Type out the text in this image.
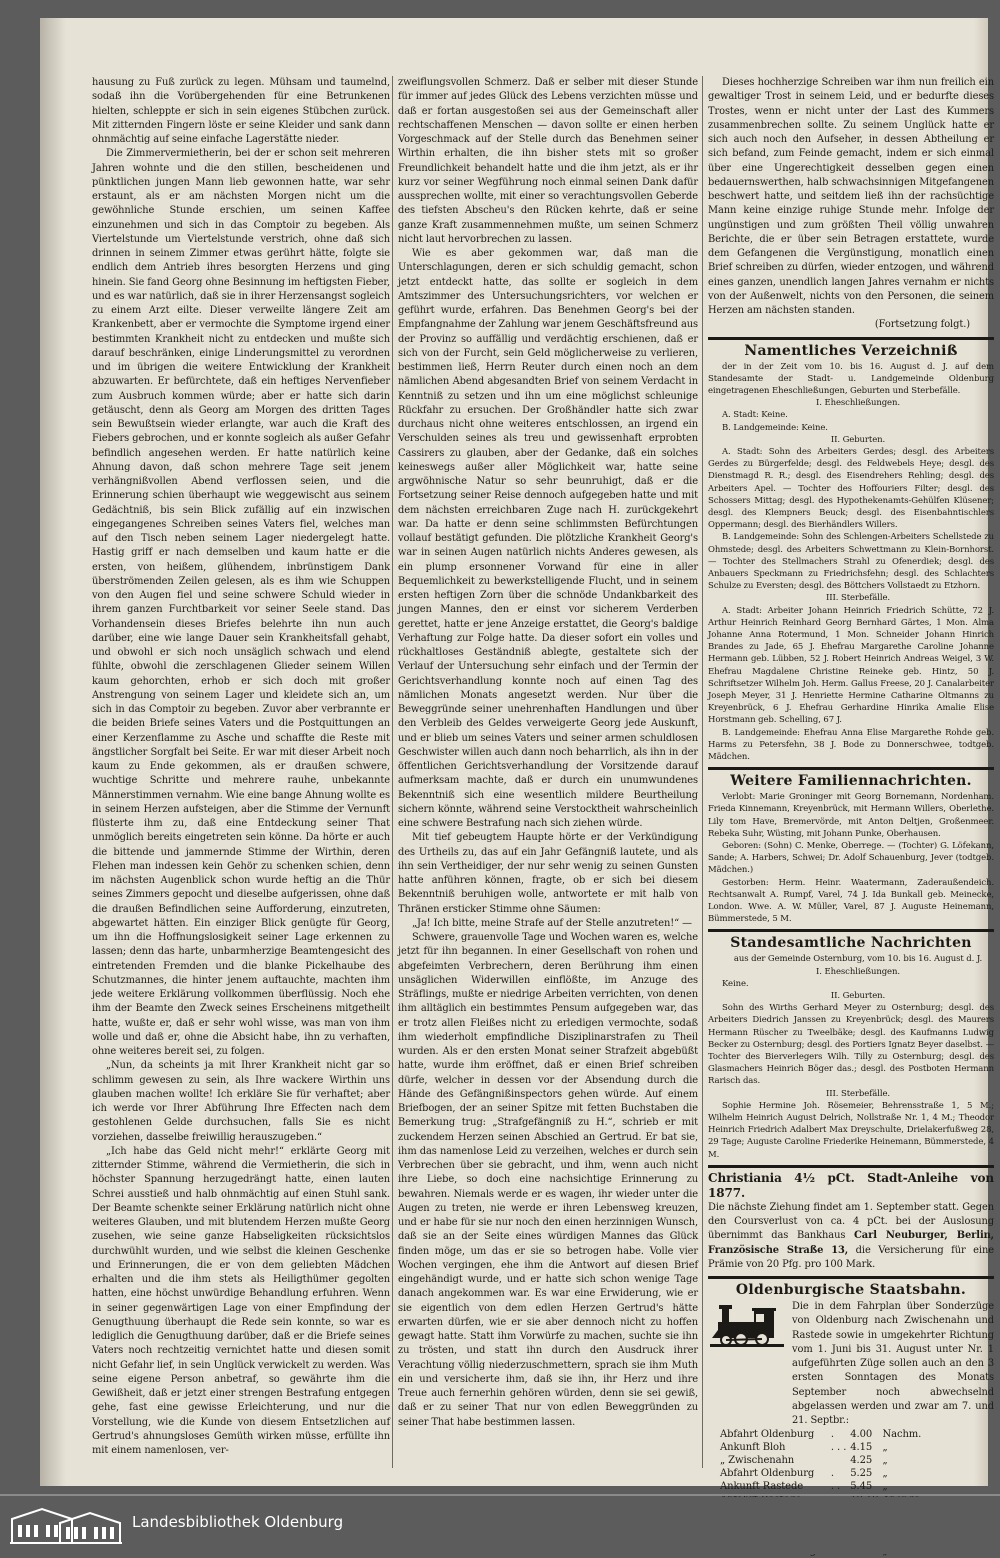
hausung zu Fuß zurück zu legen. Mühsam und taumelnd, sodaß ihn die Vorübergehenden für eine Betrunkenen hielten, schleppte er sich in sein eigenes Stübchen zurück. Mit zitternden Fingern löste er seine Kleider und sank dann ohnmächtig auf seine einfache Lagerstätte nieder.

Die Zimmervermietherin, bei der er schon seit mehreren Jahren wohnte und die den stillen, bescheidenen und pünktlichen jungen Mann lieb gewonnen hatte, war sehr erstaunt, als er am nächsten Morgen nicht um die gewöhnliche Stunde erschien, um seinen Kaffee einzunehmen und sich in das Comptoir zu begeben. Als Viertelstunde um Viertelstunde verstrich, ohne daß sich drinnen in seinem Zimmer etwas gerührt hätte, folgte sie endlich dem Antrieb ihres besorgten Herzens und ging hinein. Sie fand Georg ohne Besinnung im heftigsten Fieber, und es war natürlich, daß sie in ihrer Herzensangst sogleich zu einem Arzt eilte. Dieser verweilte längere Zeit am Krankenbett, aber er vermochte die Symptome irgend einer bestimmten Krankheit nicht zu entdecken und mußte sich darauf beschränken, einige Linderungsmittel zu verordnen und im übrigen die weitere Entwicklung der Krankheit abzuwarten. Er befürchtete, daß ein heftiges Nervenfieber zum Ausbruch kommen würde; aber er hatte sich darin getäuscht, denn als Georg am Morgen des dritten Tages sein Bewußtsein wieder erlangte, war auch die Kraft des Fiebers gebrochen, und er konnte sogleich als außer Gefahr befindlich angesehen werden. Er hatte natürlich keine Ahnung davon, daß schon mehrere Tage seit jenem verhängnißvollen Abend verflossen seien, und die Erinnerung schien überhaupt wie weggewischt aus seinem Gedächtniß, bis sein Blick zufällig auf ein inzwischen eingegangenes Schreiben seines Vaters fiel, welches man auf den Tisch neben seinem Lager niedergelegt hatte. Hastig griff er nach demselben und kaum hatte er die ersten, von heißem, glühendem, inbrünstigem Dank überströmenden Zeilen gelesen, als es ihm wie Schuppen von den Augen fiel und seine schwere Schuld wieder in ihrem ganzen Furchtbarkeit vor seiner Seele stand. Das Vorhandensein dieses Briefes belehrte ihn nun auch darüber, eine wie lange Dauer sein Krankheitsfall gehabt, und obwohl er sich noch unsäglich schwach und elend fühlte, obwohl die zerschlagenen Glieder seinem Willen kaum gehorchten, erhob er sich doch mit großer Anstrengung von seinem Lager und kleidete sich an, um sich in das Comptoir zu begeben. Zuvor aber verbrannte er die beiden Briefe seines Vaters und die Postquittungen an einer Kerzenflamme zu Asche und schaffte die Reste mit ängstlicher Sorgfalt bei Seite. Er war mit dieser Arbeit noch kaum zu Ende gekommen, als er draußen schwere, wuchtige Schritte und mehrere rauhe, unbekannte Männerstimmen vernahm. Wie eine bange Ahnung wollte es in seinem Herzen aufsteigen, aber die Stimme der Vernunft flüsterte ihm zu, daß eine Entdeckung seiner That unmöglich bereits eingetreten sein könne. Da hörte er auch die bittende und jammernde Stimme der Wirthin, deren Flehen man indessen kein Gehör zu schenken schien, denn im nächsten Augenblick schon wurde heftig an die Thür seines Zimmers gepocht und dieselbe aufgerissen, ohne daß die draußen Befindlichen seine Aufforderung, einzutreten, abgewartet hätten. Ein einziger Blick genügte für Georg, um ihn die Hoffnungslosigkeit seiner Lage erkennen zu lassen; denn das harte, unbarmherzige Beamtengesicht des eintretenden Fremden und die blanke Pickelhaube des Schutzmannes, die hinter jenem auftauchte, machten ihm jede weitere Erklärung vollkommen überflüssig. Noch ehe ihm der Beamte den Zweck seines Erscheinens mitgetheilt hatte, wußte er, daß er sehr wohl wisse, was man von ihm wolle und daß er, ohne die Absicht habe, ihn zu verhaften, ohne weiteres bereit sei, zu folgen.

„Nun, da scheints ja mit Ihrer Krankheit nicht gar so schlimm gewesen zu sein, als Ihre wackere Wirthin uns glauben machen wollte! Ich erkläre Sie für verhaftet; aber ich werde vor Ihrer Abführung Ihre Effecten nach dem gestohlenen Gelde durchsuchen, falls Sie es nicht vorziehen, dasselbe freiwillig herauszugeben.“

„Ich habe das Geld nicht mehr!“ erklärte Georg mit zitternder Stimme, während die Vermietherin, die sich in höchster Spannung herzugedrängt hatte, einen lauten Schrei ausstieß und halb ohnmächtig auf einen Stuhl sank. Der Beamte schenkte seiner Erklärung natürlich nicht ohne weiteres Glauben, und mit blutendem Herzen mußte Georg zusehen, wie seine ganze Habseligkeiten rücksichtslos durchwühlt wurden, und wie selbst die kleinen Geschenke und Erinnerungen, die er von dem geliebten Mädchen erhalten und die ihm stets als Heiligthümer gegolten hatten, eine höchst unwürdige Behandlung erfuhren. Wenn in seiner gegenwärtigen Lage von einer Empfindung der Genugthuung überhaupt die Rede sein konnte, so war es lediglich die Genugthuung darüber, daß er die Briefe seines Vaters noch rechtzeitig vernichtet hatte und diesen somit nicht Gefahr lief, in sein Unglück verwickelt zu werden. Was seine eigene Person anbetraf, so gewährte ihm die Gewißheit, daß er jetzt einer strengen Bestrafung entgegen gehe, fast eine gewisse Erleichterung, und nur die Vorstellung, wie die Kunde von diesem Entsetzlichen auf Gertrud's ahnungsloses Gemüth wirken müsse, erfüllte ihn mit einem namenlosen, ver-

zweiflungsvollen Schmerz. Daß er selber mit dieser Stunde für immer auf jedes Glück des Lebens verzichten müsse und daß er fortan ausgestoßen sei aus der Gemeinschaft aller rechtschaffenen Menschen — davon sollte er einen herben Vorgeschmack auf der Stelle durch das Benehmen seiner Wirthin erhalten, die ihn bisher stets mit so großer Freundlichkeit behandelt hatte und die ihm jetzt, als er ihr kurz vor seiner Wegführung noch einmal seinen Dank dafür aussprechen wollte, mit einer so verachtungsvollen Geberde des tiefsten Abscheu's den Rücken kehrte, daß er seine ganze Kraft zusammennehmen mußte, um seinen Schmerz nicht laut hervorbrechen zu lassen.

Wie es aber gekommen war, daß man die Unterschlagungen, deren er sich schuldig gemacht, schon jetzt entdeckt hatte, das sollte er sogleich in dem Amtszimmer des Untersuchungsrichters, vor welchen er geführt wurde, erfahren. Das Benehmen Georg's bei der Empfangnahme der Zahlung war jenem Geschäftsfreund aus der Provinz so auffällig und verdächtig erschienen, daß er sich von der Furcht, sein Geld möglicherweise zu verlieren, bestimmen ließ, Herrn Reuter durch einen noch an dem nämlichen Abend abgesandten Brief von seinem Verdacht in Kenntniß zu setzen und ihn um eine möglichst schleunige Rückfahr zu ersuchen. Der Großhändler hatte sich zwar durchaus nicht ohne weiteres entschlossen, an irgend ein Verschulden seines als treu und gewissenhaft erprobten Cassirers zu glauben, aber der Gedanke, daß ein solches keineswegs außer aller Möglichkeit war, hatte seine argwöhnische Natur so sehr beunruhigt, daß er die Fortsetzung seiner Reise dennoch aufgegeben hatte und mit dem nächsten erreichbaren Zuge nach H. zurückgekehrt war. Da hatte er denn seine schlimmsten Befürchtungen vollauf bestätigt gefunden. Die plötzliche Krankheit Georg's war in seinen Augen natürlich nichts Anderes gewesen, als ein plump ersonnener Vorwand für eine in aller Bequemlichkeit zu bewerkstelligende Flucht, und in seinem ersten heftigen Zorn über die schnöde Undankbarkeit des jungen Mannes, den er einst vor sicherem Verderben gerettet, hatte er jene Anzeige erstattet, die Georg's baldige Verhaftung zur Folge hatte. Da dieser sofort ein volles und rückhaltloses Geständniß ablegte, gestaltete sich der Verlauf der Untersuchung sehr einfach und der Termin der Gerichtsverhandlung konnte noch auf einen Tag des nämlichen Monats angesetzt werden. Nur über die Beweggründe seiner unehrenhaften Handlungen und über den Verbleib des Geldes verweigerte Georg jede Auskunft, und er blieb um seines Vaters und seiner armen schuldlosen Geschwister willen auch dann noch beharrlich, als ihn in der öffentlichen Gerichtsverhandlung der Vorsitzende darauf aufmerksam machte, daß er durch ein unumwundenes Bekenntniß sich eine wesentlich mildere Beurtheilung sichern könnte, während seine Verstocktheit wahrscheinlich eine schwere Bestrafung nach sich ziehen würde.

Mit tief gebeugtem Haupte hörte er der Verkündigung des Urtheils zu, das auf ein Jahr Gefängniß lautete, und als ihn sein Vertheidiger, der nur sehr wenig zu seinen Gunsten hatte anführen können, fragte, ob er sich bei diesem Bekenntniß beruhigen wolle, antwortete er mit halb von Thränen ersticker Stimme ohne Säumen:

„Ja! Ich bitte, meine Strafe auf der Stelle anzutreten!“ —

Schwere, grauenvolle Tage und Wochen waren es, welche jetzt für ihn begannen. In einer Gesellschaft von rohen und abgefeimten Verbrechern, deren Berührung ihm einen unsäglichen Widerwillen einflößte, im Anzuge des Sträflings, mußte er niedrige Arbeiten verrichten, von denen ihm alltäglich ein bestimmtes Pensum aufgegeben war, das er trotz allen Fleißes nicht zu erledigen vermochte, sodaß ihm wiederholt empfindliche Disziplinarstrafen zu Theil wurden. Als er den ersten Monat seiner Strafzeit abgebüßt hatte, wurde ihm eröffnet, daß er einen Brief schreiben dürfe, welcher in dessen vor der Absendung durch die Hände des Gefängnißinspectors gehen würde. Auf einem Briefbogen, der an seiner Spitze mit fetten Buchstaben die Bemerkung trug: „Strafgefängniß zu H.“, schrieb er mit zuckendem Herzen seinen Abschied an Gertrud. Er bat sie, ihm das namenlose Leid zu verzeihen, welches er durch sein Verbrechen über sie gebracht, und ihm, wenn auch nicht ihre Liebe, so doch eine nachsichtige Erinnerung zu bewahren. Niemals werde er es wagen, ihr wieder unter die Augen zu treten, nie werde er ihren Lebensweg kreuzen, und er habe für sie nur noch den einen herzinnigen Wunsch, daß sie an der Seite eines würdigen Mannes das Glück finden möge, um das er sie so betrogen habe. Volle vier Wochen vergingen, ehe ihm die Antwort auf diesen Brief eingehändigt wurde, und er hatte sich schon wenige Tage danach angekommen war. Es war eine Erwiderung, wie er sie eigentlich von dem edlen Herzen Gertrud's hätte erwarten dürfen, wie er sie aber dennoch nicht zu hoffen gewagt hatte. Statt ihm Vorwürfe zu machen, suchte sie ihn zu trösten, und statt ihn durch den Ausdruck ihrer Verachtung völlig niederzuschmettern, sprach sie ihm Muth ein und versicherte ihm, daß sie ihn, ihr Herz und ihre Treue auch fernerhin gehören würden, denn sie sei gewiß, daß er zu seiner That nur von edlen Beweggründen zu seiner That habe bestimmen lassen.

Dieses hochherzige Schreiben war ihm nun freilich ein gewaltiger Trost in seinem Leid, und er bedurfte dieses Trostes, wenn er nicht unter der Last des Kummers zusammenbrechen sollte. Zu seinem Unglück hatte er sich auch noch den Aufseher, in dessen Abtheilung er sich befand, zum Feinde gemacht, indem er sich einmal über eine Ungerechtigkeit desselben gegen einen bedauernswerthen, halb schwachsinnigen Mitgefangenen beschwert hatte, und seitdem ließ ihn der rachsüchtige Mann keine einzige ruhige Stunde mehr. Infolge der ungünstigen und zum größten Theil völlig unwahren Berichte, die er über sein Betragen erstattete, wurde dem Gefangenen die Vergünstigung, monatlich einen Brief schreiben zu dürfen, wieder entzogen, und während eines ganzen, unendlich langen Jahres vernahm er nichts von der Außenwelt, nichts von den Personen, die seinem Herzen am nächsten standen.

(Fortsetzung folgt.)

Namentliches Verzeichniß

der in der Zeit vom 10. bis 16. August d. J. auf dem Standesamte der Stadt- u. Landgemeinde Oldenburg eingetragenen Eheschließungen, Geburten und Sterbefälle.

I. Eheschließungen.

A. Stadt: Keine.

B. Landgemeinde: Keine.

II. Geburten.

A. Stadt: Sohn des Arbeiters Gerdes; desgl. des Arbeiters Gerdes zu Bürgerfelde; desgl. des Feldwebels Heye; desgl. des Dienstmagd R. R.; desgl. des Eisendrehers Rehling; desgl. des Arbeiters Apel. — Tochter des Hoffouriers Filter; desgl. des Schossers Mittag; desgl. des Hypothekenamts-Gehülfen Klüsener; desgl. des Klempners Beuck; desgl. des Eisenbahntischlers Oppermann; desgl. des Bierhändlers Willers.

B. Landgemeinde: Sohn des Schlengen-Arbeiters Schellstede zu Ohmstede; desgl. des Arbeiters Schwettmann zu Klein-Bornhorst. — Tochter des Stellmachers Strahl zu Ofenerdiek; desgl. des Anbauers Speckmann zu Friedrichsfehn; desgl. des Schlachters Schulze zu Eversten; desgl. des Böttchers Vollstaedt zu Etzhorn.

III. Sterbefälle.

A. Stadt: Arbeiter Johann Heinrich Friedrich Schütte, 72 J. Arthur Heinrich Reinhard Georg Bernhard Gärtes, 1 Mon. Alma Johanne Anna Rotermund, 1 Mon. Schneider Johann Hinrich Brandes zu Jade, 65 J. Ehefrau Margarethe Caroline Johanne Hermann geb. Lübben, 52 J. Robert Heinrich Andreas Weigel, 3 W. Ehefrau Magdalene Christine Reineke geb. Hintz, 50 J. Schriftsetzer Wilhelm Joh. Herm. Gallus Freese, 20 J. Canalarbeiter Joseph Meyer, 31 J. Henriette Hermine Catharine Oltmanns zu Kreyenbrück, 6 J. Ehefrau Gerhardine Hinrika Amalie Elise Horstmann geb. Schelling, 67 J.

B. Landgemeinde: Ehefrau Anna Elise Margarethe Rohde geb. Harms zu Petersfehn, 38 J. Bode zu Donnerschwee, todtgeb. Mädchen.

Weitere Familiennachrichten.

Verlobt: Marie Groninger mit Georg Bornemann, Nordenham. Frieda Kinnemann, Kreyenbrück, mit Hermann Willers, Oberlethe. Lily tom Have, Bremervörde, mit Anton Deltjen, Großenmeer. Rebeka Suhr, Wüsting, mit Johann Punke, Oberhausen.

Geboren: (Sohn) C. Menke, Oberrege. — (Tochter) G. Löfekann, Sande; A. Harbers, Schwei; Dr. Adolf Schauenburg, Jever (todtgeb. Mädchen.)

Gestorben: Herm. Heinr. Waatermann, Zaderaußendeich. Rechtsanwalt A. Rumpf, Varel, 74 J. Ida Bunkall geb. Meinecke, London. Wwe. A. W. Müller, Varel, 87 J. Auguste Heinemann, Bümmerstede, 5 M.

Standesamtliche Nachrichten

aus der Gemeinde Osternburg, vom 10. bis 16. August d. J.

I. Eheschließungen.

Keine.

II. Geburten.

Sohn des Wirths Gerhard Meyer zu Osternburg; desgl. des Arbeiters Diedrich Janssen zu Kreyenbrück; desgl. des Maurers Hermann Rüscher zu Tweelbäke; desgl. des Kaufmanns Ludwig Becker zu Osternburg; desgl. des Portiers Ignatz Beyer daselbst. — Tochter des Bierverlegers Wilh. Tilly zu Osternburg; desgl. des Glasmachers Heinrich Böger das.; desgl. des Postboten Hermann Rarisch das.

III. Sterbefälle.

Sophie Hermine Joh. Rösemeier, Behrensstraße 1, 5 M.; Wilhelm Heinrich August Delrich, Nollstraße Nr. 1, 4 M.; Theodor Heinrich Friedrich Adalbert Max Dreyschulte, Drielakerfußweg 28, 29 Tage; Auguste Caroline Friederike Heinemann, Bümmerstede, 4 M.

Christiania 4½ pCt. Stadt-Anleihe von 1877.

Die nächste Ziehung findet am 1. September statt. Gegen den Coursverlust von ca. 4 pCt. bei der Auslosung übernimmt das Bankhaus Carl Neuburger, Berlin, Französische Straße 13, die Versicherung für eine Prämie von 20 Pfg. pro 100 Mark.

Oldenburgische Staatsbahn.

Die in dem Fahrplan über Sonderzüge von Oldenburg nach Zwischenahn und Rastede sowie in umgekehrter Richtung vom 1. Juni bis 31. August unter Nr. 1 aufgeführten Züge sollen auch an den 3 ersten Sonntagen des Monats September noch abwechselnd abgelassen werden und zwar am 7. und 21. Septbr.:

Abfahrt Oldenburg	.	4.00	Nachm.
Ankunft Bloh	. . .	4.15	„
„ Zwischenahn		4.25	„
Abfahrt Oldenburg	.	5.25	„
Ankunft Rastede	. .	5.45	„

Landesbibliothek Oldenburg
